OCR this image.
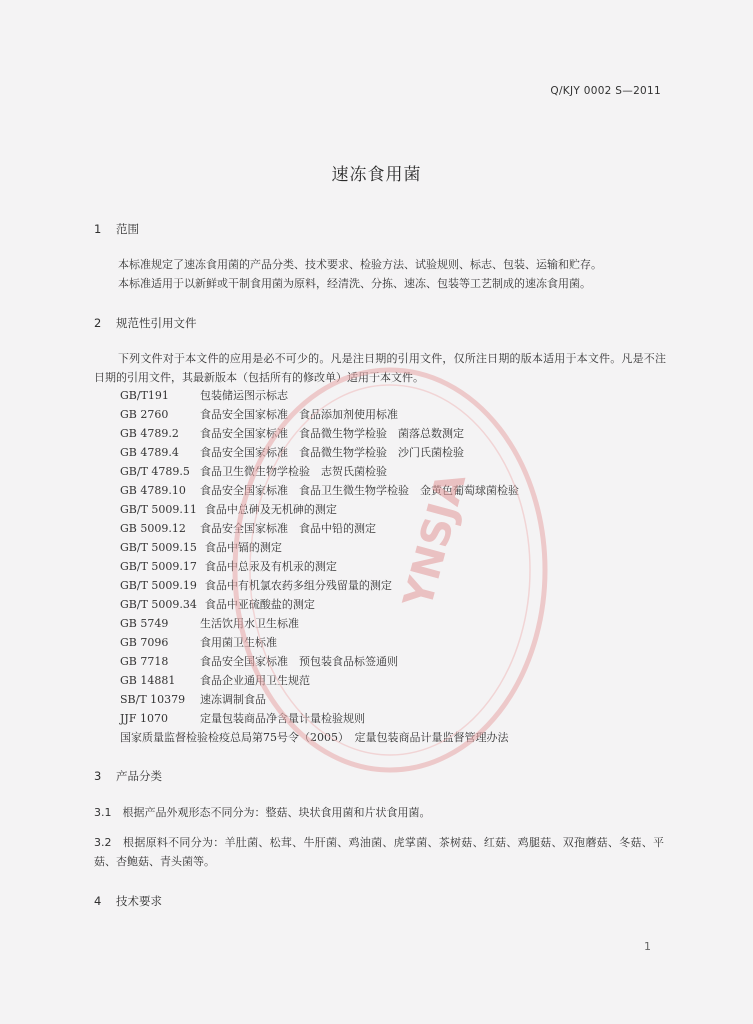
Q/KJY 0002 S—2011
速冻食用菌
1 范围
本标准规定了速冻食用菌的产品分类、技术要求、检验方法、试验规则、标志、包装、运输和贮存。
本标准适用于以新鲜或干制食用菌为原料，经清洗、分拣、速冻、包装等工艺制成的速冻食用菌。
2 规范性引用文件
下列文件对于本文件的应用是必不可少的。凡是注日期的引用文件，仅所注日期的版本适用于本文件。凡是不注日期的引用文件，其最新版本（包括所有的修改单）适用于本文件。
GB/T191	包装储运图示标志
GB 2760	食品安全国家标准　食品添加剂使用标准
GB 4789.2 食品安全国家标准　食品微生物学检验　菌落总数测定
GB 4789.4 食品安全国家标准　食品微生物学检验　沙门氏菌检验
GB/T 4789.5 食品卫生微生物学检验　志贺氏菌检验
GB 4789.10 食品安全国家标准　食品卫生微生物学检验　金黄色葡萄球菌检验
GB/T 5009.11 食品中总砷及无机砷的测定
GB 5009.12 食品安全国家标准　食品中铅的测定
GB/T 5009.15 食品中镉的测定
GB/T 5009.17 食品中总汞及有机汞的测定
GB/T 5009.19 食品中有机氯农药多组分残留量的测定
GB/T 5009.34 食品中亚硫酸盐的测定
GB 5749	生活饮用水卫生标准
GB 7096	食用菌卫生标准
GB 7718	食品安全国家标准　预包装食品标签通则
GB 14881 食品企业通用卫生规范
SB/T 10379 速冻调制食品
JJF 1070	定量包装商品净含量计量检验规则
国家质量监督检验检疫总局第75号令（2005）　定量包装商品计量监督管理办法
3 产品分类
3.1　根据产品外观形态不同分为：整菇、块状食用菌和片状食用菌。
3.2　根据原料不同分为：羊肚菌、松茸、牛肝菌、鸡油菌、虎掌菌、茶树菇、红菇、鸡腿菇、双孢蘑菇、冬菇、平菇、杏鲍菇、青头菌等。
4 技术要求
1
YNSJA
